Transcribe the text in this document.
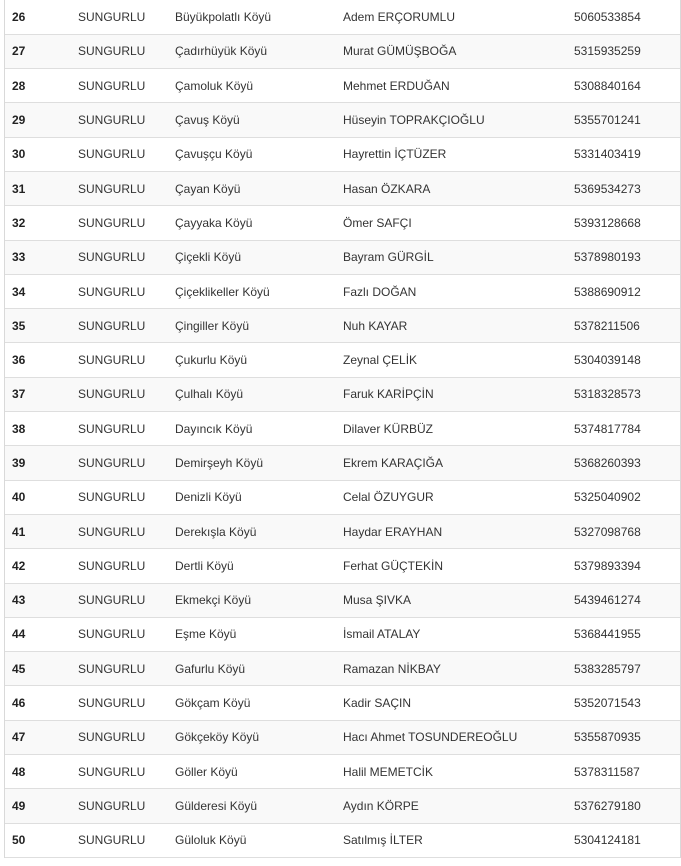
26	SUNGURLU	Büyükpolatlı Köyü	Adem ERÇORUMLU	5060533854
27	SUNGURLU	Çadırhüyük Köyü	Murat GÜMÜŞBOĞA	5315935259
28	SUNGURLU	Çamoluk Köyü	Mehmet ERDUĞAN	5308840164
29	SUNGURLU	Çavuş Köyü	Hüseyin TOPRAKÇIOĞLU	5355701241
30	SUNGURLU	Çavuşçu Köyü	Hayrettin İÇTÜZER	5331403419
31	SUNGURLU	Çayan Köyü	Hasan ÖZKARA	5369534273
32	SUNGURLU	Çayyaka Köyü	Ömer SAFÇI	5393128668
33	SUNGURLU	Çiçekli Köyü	Bayram GÜRGİL	5378980193
34	SUNGURLU	Çiçeklikeller Köyü	Fazlı DOĞAN	5388690912
35	SUNGURLU	Çingiller Köyü	Nuh KAYAR	5378211506
36	SUNGURLU	Çukurlu Köyü	Zeynal ÇELİK	5304039148
37	SUNGURLU	Çulhalı Köyü	Faruk KARİPÇİN	5318328573
38	SUNGURLU	Dayıncık Köyü	Dilaver KÜRBÜZ	5374817784
39	SUNGURLU	Demirşeyh Köyü	Ekrem KARAÇIĞA	5368260393
40	SUNGURLU	Denizli Köyü	Celal ÖZUYGUR	5325040902
41	SUNGURLU	Derekışla Köyü	Haydar ERAYHAN	5327098768
42	SUNGURLU	Dertli Köyü	Ferhat GÜÇTEKİN	5379893394
43	SUNGURLU	Ekmekçi Köyü	Musa ŞIVKA	5439461274
44	SUNGURLU	Eşme Köyü	İsmail ATALAY	5368441955
45	SUNGURLU	Gafurlu Köyü	Ramazan NİKBAY	5383285797
46	SUNGURLU	Gökçam Köyü	Kadir SAÇIN	5352071543
47	SUNGURLU	Gökçeköy Köyü	Hacı Ahmet TOSUNDEREOĞLU	5355870935
48	SUNGURLU	Göller Köyü	Halil MEMETCİK	5378311587
49	SUNGURLU	Gülderesi Köyü	Aydın KÖRPE	5376279180
50	SUNGURLU	Güloluk Köyü	Satılmış İLTER	5304124181
